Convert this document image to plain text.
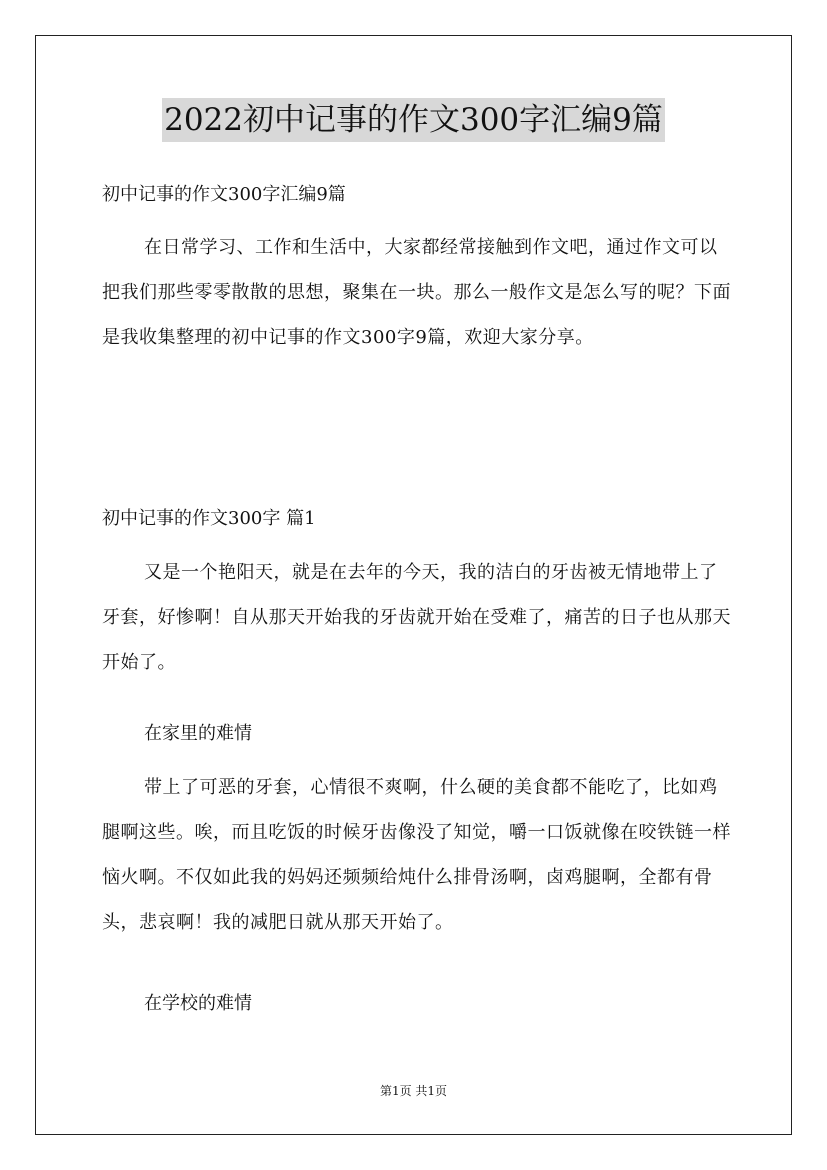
2022初中记事的作文300字汇编9篇

初中记事的作文300字汇编9篇

在日常学习、工作和生活中，大家都经常接触到作文吧，通过作文可以把我们那些零零散散的思想，聚集在一块。那么一般作文是怎么写的呢？下面是我收集整理的初中记事的作文300字9篇，欢迎大家分享。

初中记事的作文300字 篇1

又是一个艳阳天，就是在去年的今天，我的洁白的牙齿被无情地带上了牙套，好惨啊！自从那天开始我的牙齿就开始在受难了，痛苦的日子也从那天开始了。

在家里的难情

带上了可恶的牙套，心情很不爽啊，什么硬的美食都不能吃了，比如鸡腿啊这些。唉，而且吃饭的时候牙齿像没了知觉，嚼一口饭就像在咬铁链一样恼火啊。不仅如此我的妈妈还频频给炖什么排骨汤啊，卤鸡腿啊，全都有骨头，悲哀啊！我的减肥日就从那天开始了。

在学校的难情

第1页 共1页
